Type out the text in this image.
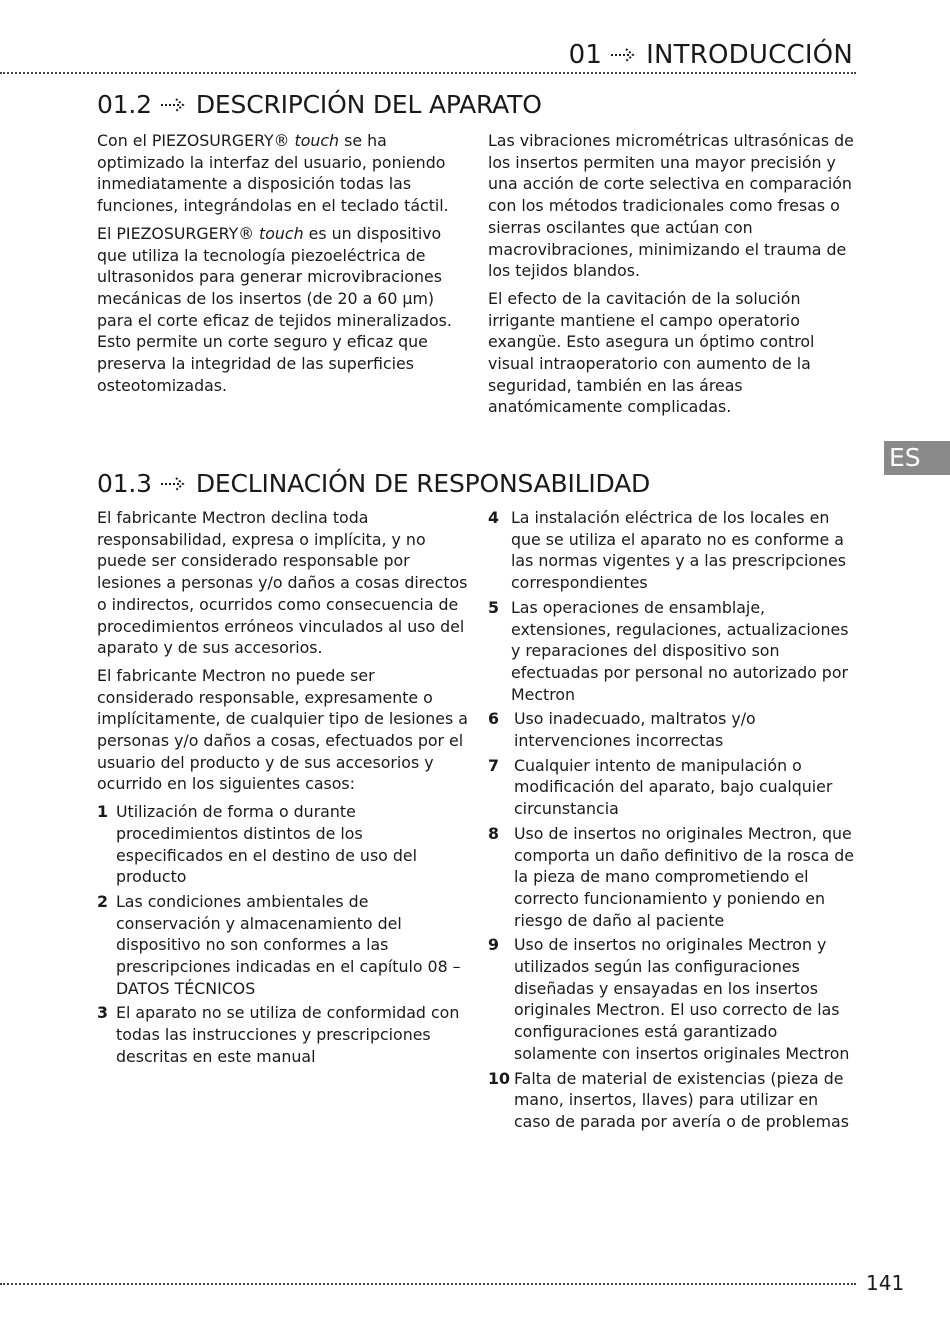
01 INTRODUCCIÓN
01.2 DESCRIPCIÓN DEL APARATO

Con el PIEZOSURGERY® touch se ha optimizado la interfaz del usuario, poniendo inmediatamente a disposición todas las funciones, integrándolas en el teclado táctil.

El PIEZOSURGERY® touch es un dispositivo que utiliza la tecnología piezoeléctrica de ultrasonidos para generar microvibraciones mecánicas de los insertos (de 20 a 60 µm) para el corte eficaz de tejidos mineralizados. Esto permite un corte seguro y eficaz que preserva la integridad de las superficies osteotomizadas.

Las vibraciones micrométricas ultrasónicas de los insertos permiten una mayor precisión y una acción de corte selectiva en comparación con los métodos tradicionales como fresas o sierras oscilantes que actúan con macrovibraciones, minimizando el trauma de los tejidos blandos.

El efecto de la cavitación de la solución irrigante mantiene el campo operatorio exangüe. Esto asegura un óptimo control visual intraoperatorio con aumento de la seguridad, también en las áreas anatómicamente complicadas.

ES
01.3 DECLINACIÓN DE RESPONSABILIDAD

El fabricante Mectron declina toda responsabilidad, expresa o implícita, y no puede ser considerado responsable por lesiones a personas y/o daños a cosas directos o indirectos, ocurridos como consecuencia de procedimientos erróneos vinculados al uso del aparato y de sus accesorios.

El fabricante Mectron no puede ser considerado responsable, expresamente o implícitamente, de cualquier tipo de lesiones a personas y/o daños a cosas, efectuados por el usuario del producto y de sus accesorios y ocurrido en los siguientes casos:

1 Utilización de forma o durante procedimientos distintos de los especificados en el destino de uso del producto
2 Las condiciones ambientales de conservación y almacenamiento del dispositivo no son conformes a las prescripciones indicadas en el capítulo 08 – DATOS TÉCNICOS
3 El aparato no se utiliza de conformidad con todas las instrucciones y prescripciones descritas en este manual
4 La instalación eléctrica de los locales en que se utiliza el aparato no es conforme a las normas vigentes y a las prescripciones correspondientes
5 Las operaciones de ensamblaje, extensiones, regulaciones, actualizaciones y reparaciones del dispositivo son efectuadas por personal no autorizado por Mectron
6 Uso inadecuado, maltratos y/o intervenciones incorrectas
7 Cualquier intento de manipulación o modificación del aparato, bajo cualquier circunstancia
8 Uso de insertos no originales Mectron, que comporta un daño definitivo de la rosca de la pieza de mano comprometiendo el correcto funcionamiento y poniendo en riesgo de daño al paciente
9 Uso de insertos no originales Mectron y utilizados según las configuraciones diseñadas y ensayadas en los insertos originales Mectron. El uso correcto de las configuraciones está garantizado solamente con insertos originales Mectron
10 Falta de material de existencias (pieza de mano, insertos, llaves) para utilizar en caso de parada por avería o de problemas
141
